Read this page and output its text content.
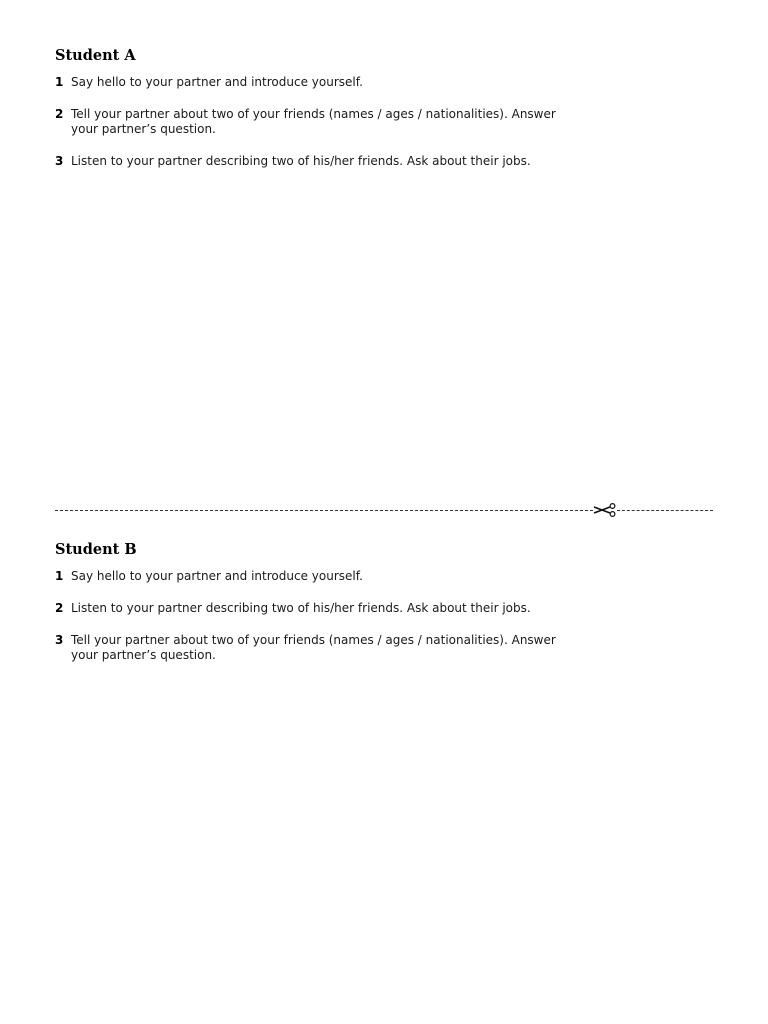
Student A
1 Say hello to your partner and introduce yourself.
2 Tell your partner about two of your friends (names / ages / nationalities). Answer your partner’s question.
3 Listen to your partner describing two of his/her friends. Ask about their jobs.
Student B
1 Say hello to your partner and introduce yourself.
2 Listen to your partner describing two of his/her friends. Ask about their jobs.
3 Tell your partner about two of your friends (names / ages / nationalities). Answer your partner’s question.
